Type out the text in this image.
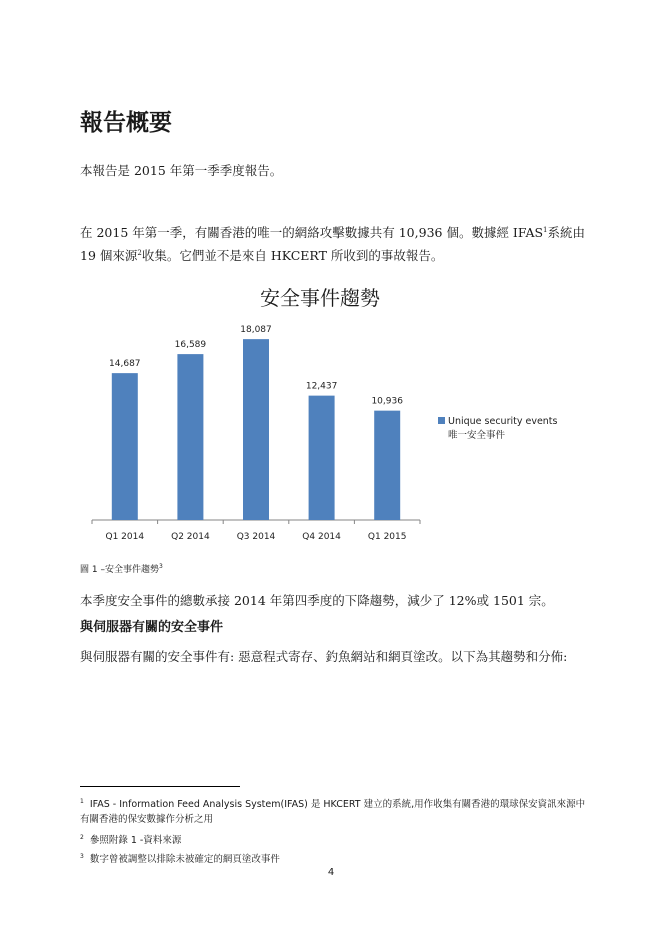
報告概要
本報告是 2015 年第一季季度報告。
在 2015 年第一季，有關香港的唯一的網絡攻擊數據共有 10,936 個。數據經 IFAS$^1$系統由 19 個來源$^2$收集。它們並不是來自 HKCERT 所收到的事故報告。
安全事件趨勢
14,687
Q1 2014
16,589
Q2 2014
18,087
Q3 2014
12,437
Q4 2014
10,936
Q1 2015
Unique security events
唯一安全事件
圖 1 –安全事件趨勢$^3$
本季度安全事件的總數承接 2014 年第四季度的下降趨勢，減少了 12%或 1501 宗。
與伺服器有關的安全事件
與伺服器有關的安全事件有: 惡意程式寄存、釣魚網站和網頁塗改。以下為其趨勢和分佈:
$^1$ IFAS - Information Feed Analysis System(IFAS) 是 HKCERT 建立的系統,用作收集有關香港的環球保安資訊來源中有關香港的保安數據作分析之用
$^2$ 參照附錄 1 -資料來源
$^3$ 數字曾被調整以排除未被確定的網頁塗改事件
4
